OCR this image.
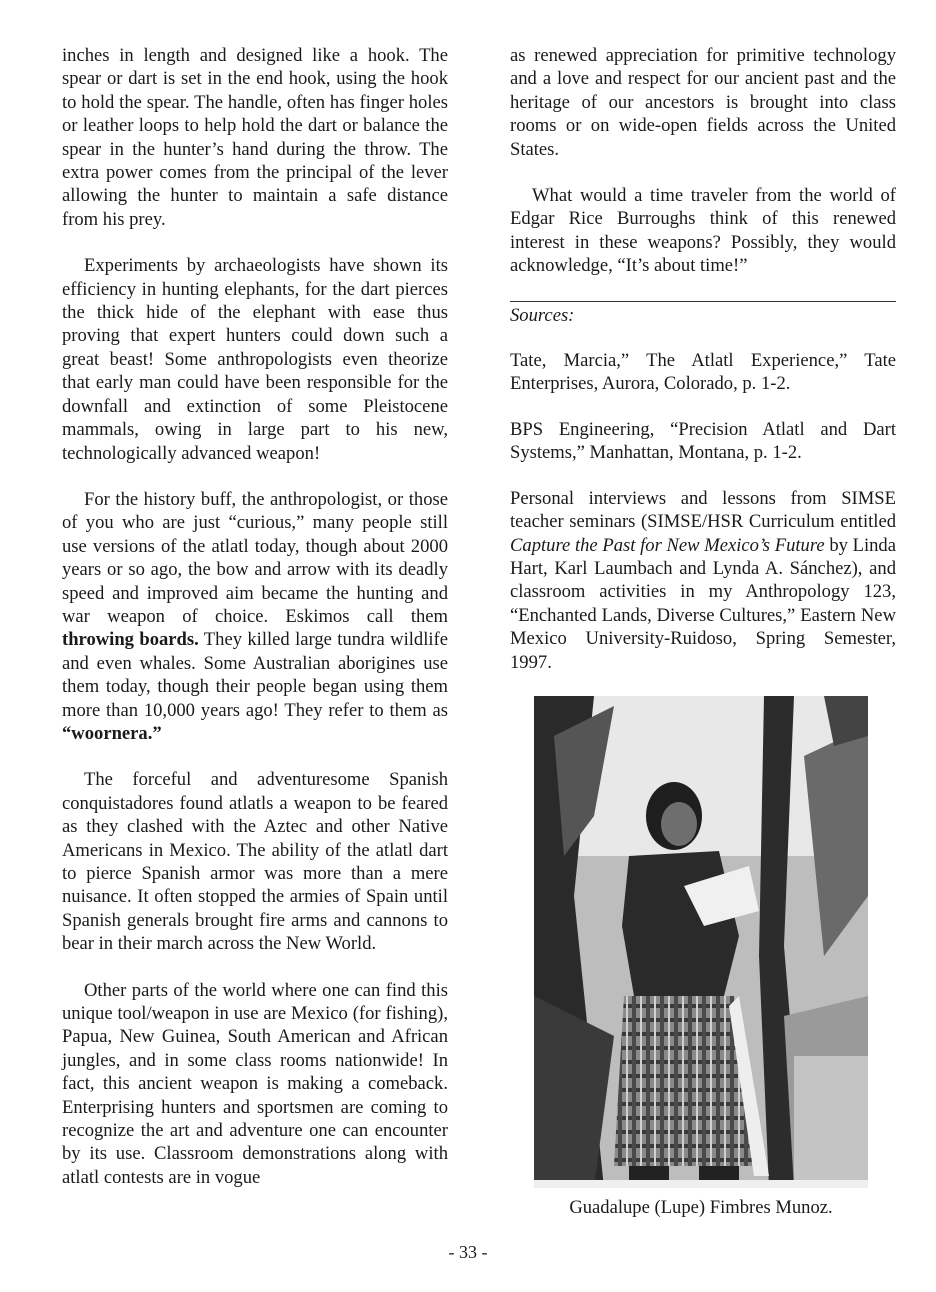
inches in length and designed like a hook. The spear or dart is set in the end hook, using the hook to hold the spear. The handle, often has finger holes or leather loops to help hold the dart or balance the spear in the hunter’s hand during the throw. The extra power comes from the principal of the lever allowing the hunter to maintain a safe distance from his prey.

Experiments by archaeologists have shown its efficiency in hunting elephants, for the dart pierces the thick hide of the elephant with ease thus proving that expert hunters could down such a great beast! Some anthropologists even theorize that early man could have been responsible for the downfall and extinction of some Pleistocene mammals, owing in large part to his new, technologically advanced weapon!

For the history buff, the anthropologist, or those of you who are just “curious,” many people still use versions of the atlatl today, though about 2000 years or so ago, the bow and arrow with its deadly speed and improved aim became the hunting and war weapon of choice. Eskimos call them throwing boards. They killed large tundra wildlife and even whales. Some Australian aborigines use them today, though their people began using them more than 10,000 years ago! They refer to them as “woornera.”

The forceful and adventuresome Spanish conquistadores found atlatls a weapon to be feared as they clashed with the Aztec and other Native Americans in Mexico. The ability of the atlatl dart to pierce Spanish armor was more than a mere nuisance. It often stopped the armies of Spain until Spanish generals brought fire arms and cannons to bear in their march across the New World.

Other parts of the world where one can find this unique tool/weapon in use are Mexico (for fishing), Papua, New Guinea, South American and African jungles, and in some class rooms nationwide! In fact, this ancient weapon is making a comeback. Enterprising hunters and sportsmen are coming to recognize the art and adventure one can encounter by its use. Classroom demonstrations along with atlatl contests are in vogue

as renewed appreciation for primitive technology and a love and respect for our ancient past and the heritage of our ancestors is brought into class rooms or on wide-open fields across the United States.

What would a time traveler from the world of Edgar Rice Burroughs think of this renewed interest in these weapons? Possibly, they would acknowledge, “It’s about time!”

Sources:

Tate, Marcia,” The Atlatl Experience,” Tate Enterprises, Aurora, Colorado, p. 1-2.

BPS Engineering, “Precision Atlatl and Dart Systems,” Manhattan, Montana, p. 1-2.

Personal interviews and lessons from SIMSE teacher seminars (SIMSE/HSR Curriculum entitled Capture the Past for New Mexico’s Future by Linda Hart, Karl Laumbach and Lynda A. Sánchez), and classroom activities in my Anthropology 123, “Enchanted Lands, Diverse Cultures,” Eastern New Mexico University-Ruidoso, Spring Semester, 1997.

Guadalupe (Lupe) Fimbres Munoz.
- 33 -
